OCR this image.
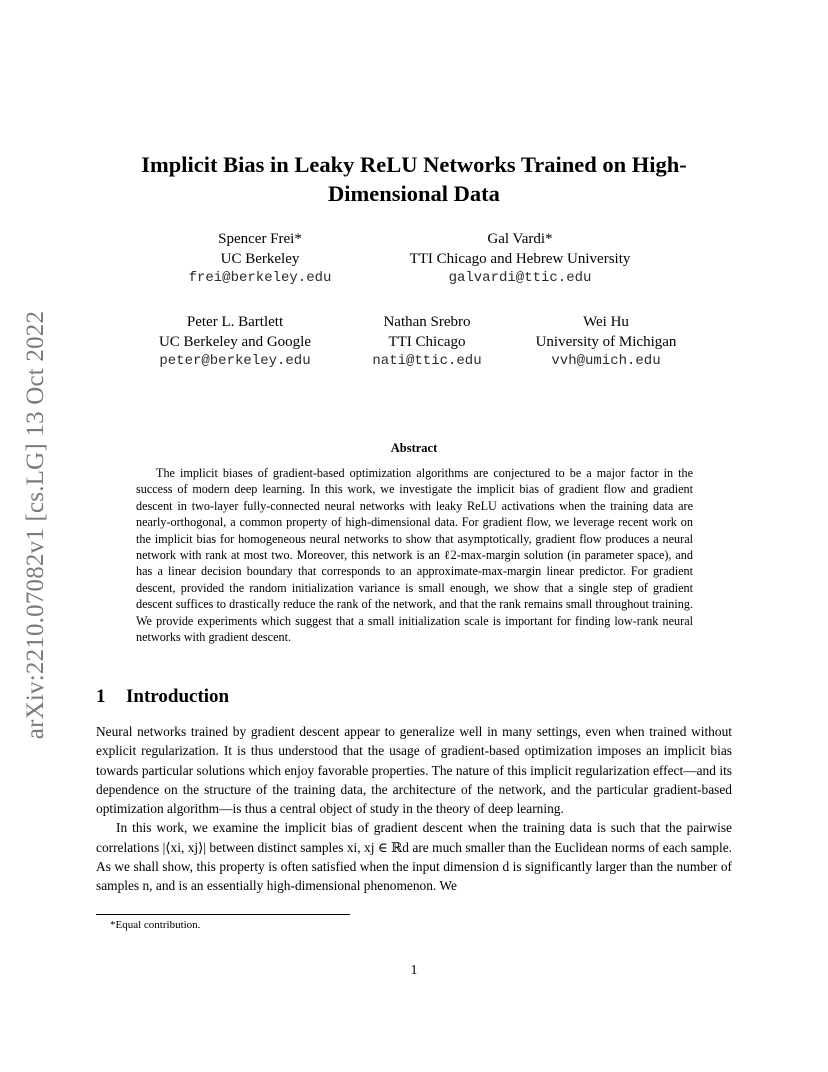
arXiv:2210.07082v1 [cs.LG] 13 Oct 2022
Implicit Bias in Leaky ReLU Networks Trained on High-Dimensional Data
Spencer Frei*
UC Berkeley
frei@berkeley.edu
Gal Vardi*
TTI Chicago and Hebrew University
galvardi@ttic.edu
Peter L. Bartlett
UC Berkeley and Google
peter@berkeley.edu
Nathan Srebro
TTI Chicago
nati@ttic.edu
Wei Hu
University of Michigan
vvh@umich.edu
Abstract

The implicit biases of gradient-based optimization algorithms are conjectured to be a major factor in the success of modern deep learning. In this work, we investigate the implicit bias of gradient flow and gradient descent in two-layer fully-connected neural networks with leaky ReLU activations when the training data are nearly-orthogonal, a common property of high-dimensional data. For gradient flow, we leverage recent work on the implicit bias for homogeneous neural networks to show that asymptotically, gradient flow produces a neural network with rank at most two. Moreover, this network is an ℓ2-max-margin solution (in parameter space), and has a linear decision boundary that corresponds to an approximate-max-margin linear predictor. For gradient descent, provided the random initialization variance is small enough, we show that a single step of gradient descent suffices to drastically reduce the rank of the network, and that the rank remains small throughout training. We provide experiments which suggest that a small initialization scale is important for finding low-rank neural networks with gradient descent.

1 Introduction

Neural networks trained by gradient descent appear to generalize well in many settings, even when trained without explicit regularization. It is thus understood that the usage of gradient-based optimization imposes an implicit bias towards particular solutions which enjoy favorable properties. The nature of this implicit regularization effect—and its dependence on the structure of the training data, the architecture of the network, and the particular gradient-based optimization algorithm—is thus a central object of study in the theory of deep learning.

In this work, we examine the implicit bias of gradient descent when the training data is such that the pairwise correlations |⟨xi, xj⟩| between distinct samples xi, xj ∈ ℝd are much smaller than the Euclidean norms of each sample. As we shall show, this property is often satisfied when the input dimension d is significantly larger than the number of samples n, and is an essentially high-dimensional phenomenon. We

*Equal contribution.
1
